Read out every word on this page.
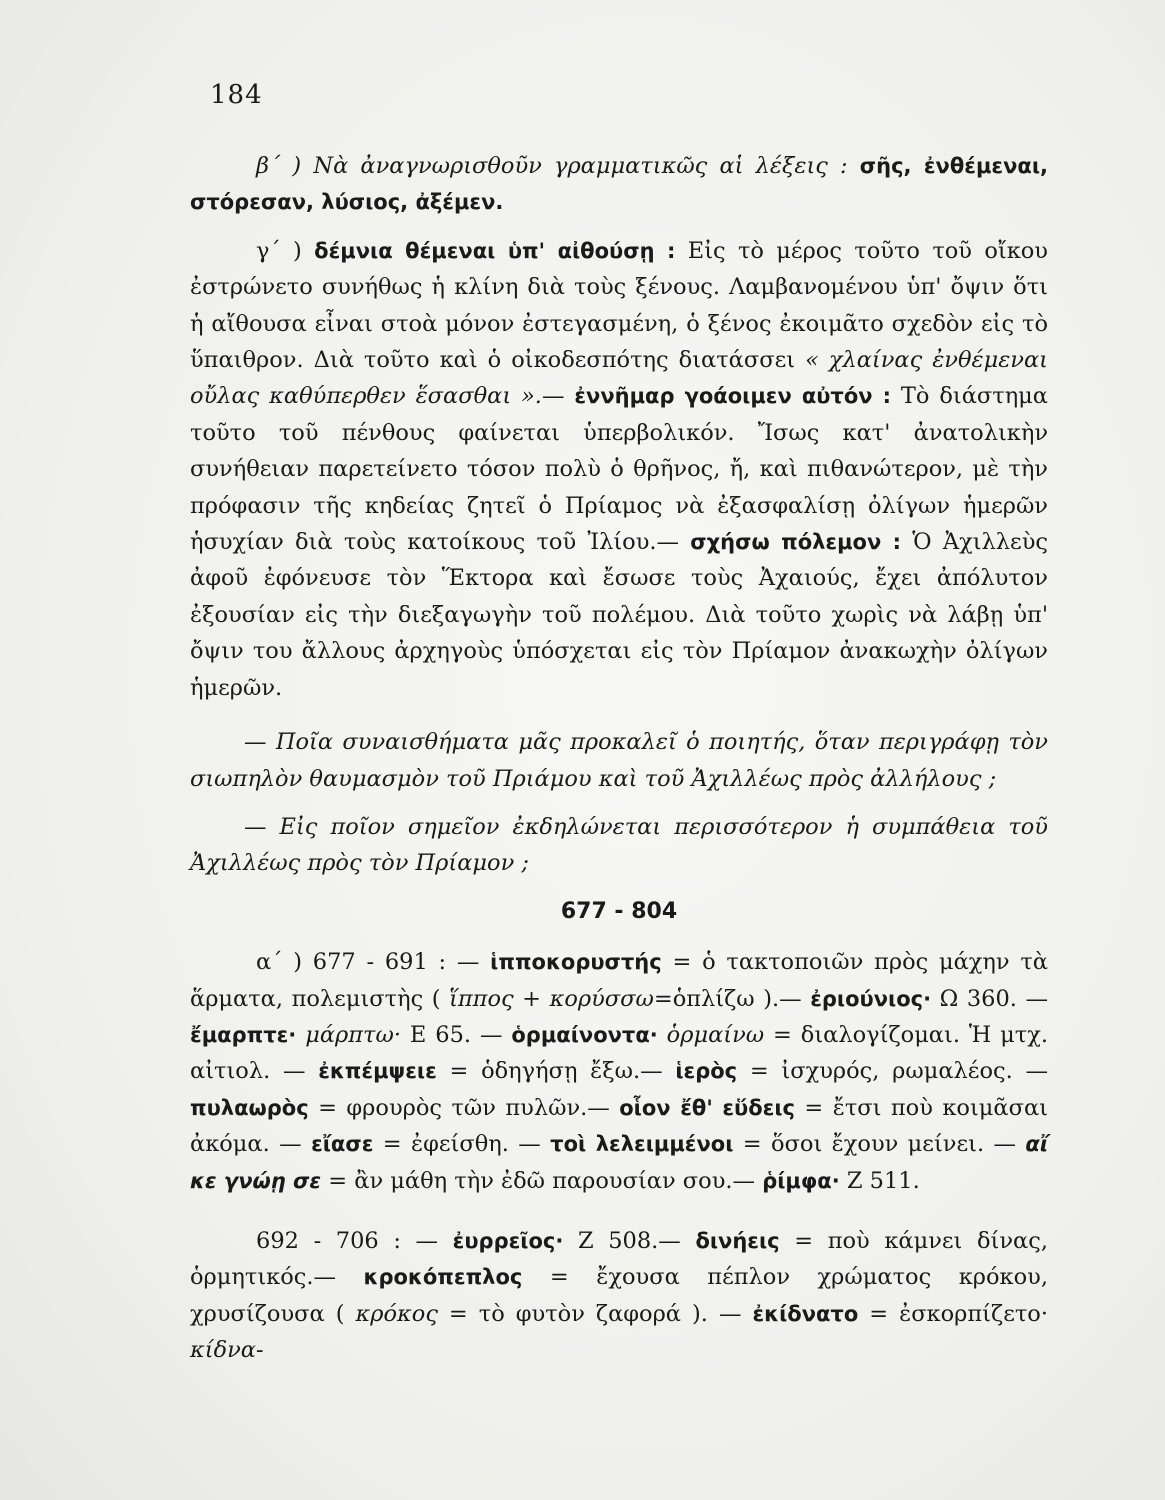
184

β΄ ) Νὰ ἀναγνωρισθοῦν γραμματικῶς αἱ λέξεις : σῆς, ἐνθέμεναι, στόρεσαν, λύσιος, ἀξέμεν.

γ΄ ) δέμνια θέμεναι ὑπ' αἰθούσῃ : Εἰς τὸ μέρος τοῦτο τοῦ οἴκου ἐστρώνετο συνήθως ἡ κλίνη διὰ τοὺς ξένους. Λαμβανομένου ὑπ' ὄψιν ὅτι ἡ αἴθουσα εἶναι στοὰ μόνον ἐστεγασμένη, ὁ ξένος ἐκοιμᾶτο σχεδὸν εἰς τὸ ὕπαιθρον. Διὰ τοῦτο καὶ ὁ οἰκοδεσπότης διατάσσει « χλαίνας ἐνθέμεναι οὔλας καθύπερθεν ἕσασθαι ».— ἐννῆμαρ γοάοιμεν αὐτόν : Τὸ διάστημα τοῦτο τοῦ πένθους φαίνεται ὑπερβολικόν. Ἴσως κατ' ἀνατολικὴν συνήθειαν παρετείνετο τόσον πολὺ ὁ θρῆνος, ἤ, καὶ πιθανώτερον, μὲ τὴν πρόφασιν τῆς κηδείας ζητεῖ ὁ Πρίαμος νὰ ἐξασφαλίσῃ ὀλίγων ἡμερῶν ἡσυχίαν διὰ τοὺς κατοίκους τοῦ Ἰλίου.— σχήσω πόλεμον : Ὁ Ἀχιλλεὺς ἀφοῦ ἐφόνευσε τὸν Ἕκτορα καὶ ἔσωσε τοὺς Ἀχαιούς, ἔχει ἀπόλυτον ἐξουσίαν εἰς τὴν διεξαγωγὴν τοῦ πολέμου. Διὰ τοῦτο χωρὶς νὰ λάβῃ ὑπ' ὄψιν του ἄλλους ἀρχηγοὺς ὑπόσχεται εἰς τὸν Πρίαμον ἀνακωχὴν ὀλίγων ἡμερῶν.

— Ποῖα συναισθήματα μᾶς προκαλεῖ ὁ ποιητής, ὅταν περιγράφῃ τὸν σιωπηλὸν θαυμασμὸν τοῦ Πριάμου καὶ τοῦ Ἀχιλλέως πρὸς ἀλλήλους ;

— Εἰς ποῖον σημεῖον ἐκδηλώνεται περισσότερον ἡ συμπάθεια τοῦ Ἀχιλλέως πρὸς τὸν Πρίαμον ;

677 - 804

α΄ ) 677 - 691 : — ἱπποκορυστής = ὁ τακτοποιῶν πρὸς μάχην τὰ ἅρματα, πολεμιστὴς ( ἵππος + κορύσσω=ὁπλίζω ).— ἐριούνιος· Ω 360. — ἔμαρπτε· μάρπτω· Ε 65. — ὁρμαίνοντα· ὁρμαίνω = διαλογίζομαι. Ἡ μτχ. αἰτιολ. — ἐκπέμψειε = ὁδηγήσῃ ἔξω.— ἱερὸς = ἰσχυρός, ρωμαλέος. — πυλαωρὸς = φρουρὸς τῶν πυλῶν.— οἷον ἔθ' εὕδεις = ἔτσι ποὺ κοιμᾶσαι ἀκόμα. — εἴασε = ἐφείσθη. — τοὶ λελειμμένοι = ὅσοι ἔχουν μείνει. — αἴ κε γνώῃ σε = ἂν μάθη τὴν ἐδῶ παρουσίαν σου.— ῥίμφα· Ζ 511.

692 - 706 : — ἐυρρεῖος· Ζ 508.— δινήεις = ποὺ κάμνει δίνας, ὁρμητικός.— κροκόπεπλος = ἔχουσα πέπλον χρώματος κρόκου, χρυσίζουσα ( κρόκος = τὸ φυτὸν ζαφορά ). — ἐκίδνατο = ἐσκορπίζετο· κίδνα-
